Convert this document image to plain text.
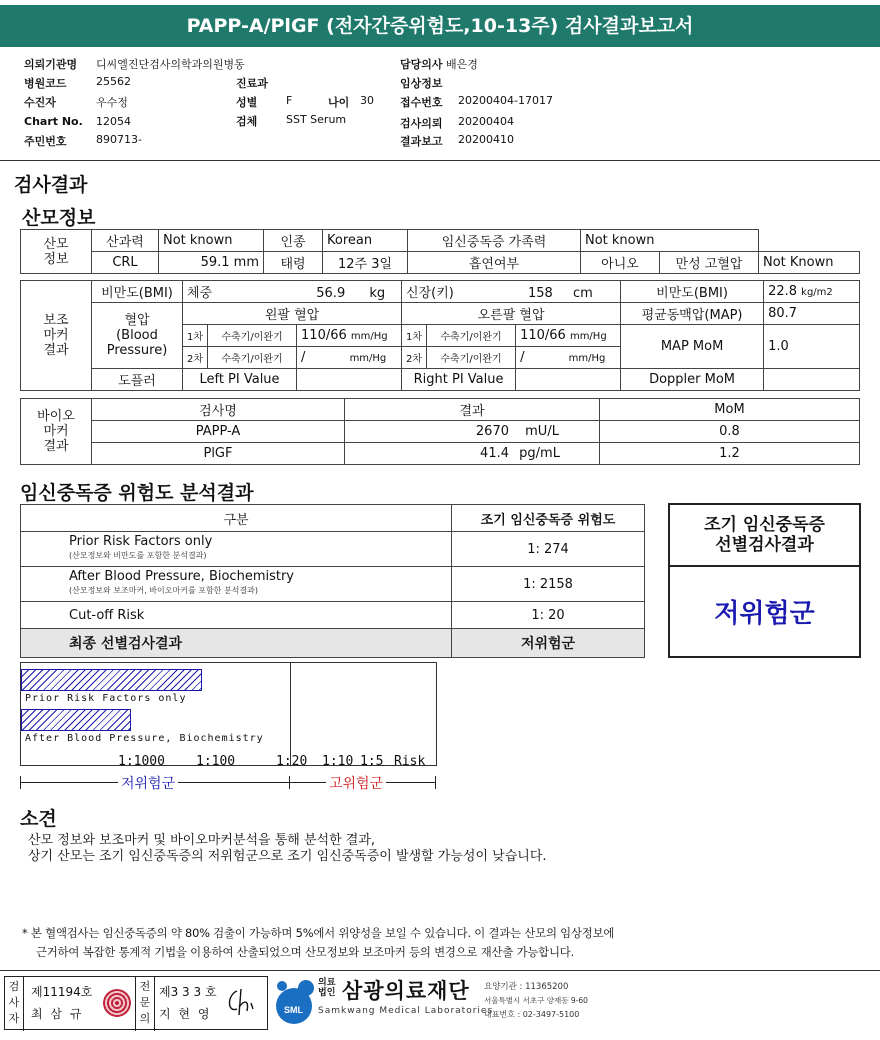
PAPP-A/PlGF (전자간증위험도,10-13주) 검사결과보고서
의뢰기관명 디씨엘진단검사의학과의원병동	담당의사 배은경
병원코드	25562	진료과	임상정보
수진자	우수정	성별	F	나이 30 접수번호 20200404-17017
Chart No. 12054	검체	SST Serum	검사의뢰 20200404
주민번호	890713-	결과보고 20200410
검사결과
산모정보
산모
정보	산과력	Not known	인종	Korean	임신중독증 가족력	Not known		
	CRL	59.1 mm	태령	12주 3일	흡연여부	아니오	만성 고혈압	Not Known
보조
마커
결과	비만도(BMI)	체중 56.9 kg			신장(키) 158 cm			비만도(BMI)	22.8 kg/m2
	혈압
(Blood
Pressure)	왼팔 혈압			오른팔 혈압			평균동맥압(MAP)	80.7
		1차	수축기/이완기	110/66 mm/Hg	1차	수축기/이완기	110/66 mm/Hg	MAP MoM	1.0
		2차	수축기/이완기	/ mm/Hg	2차	수축기/이완기	/ mm/Hg		
	도플러	Left PI Value			Right PI Value			Doppler MoM	
바이오
마커
결과	검사명	결과	MoM
	PAPP-A	2670 mU/L	0.8
	PlGF	41.4 pg/mL	1.2
임신중독증 위험도 분석결과
구분	조기 임신중독증 위험도

Prior Risk Factors only
(산모정보와 비만도를 포함한 분석결과)	1: 274

After Blood Pressure, Biochemistry
(산모정보와 보조마커, 바이오마커를 포함한 분석결과)	1: 2158
Cut-off Risk	1: 20
최종 선별검사결과	저위험군
조기 임신중독증
선별검사결과
저위험군
Prior Risk Factors only
After Blood Pressure, Biochemistry
1:1000 1:100	1:20 1:10 1:5 Risk
저위험군	고위험군
소견
산모 정보와 보조마커 및 바이오마커분석을 통해 분석한 결과,
상기 산모는 조기 임신중독증의 저위험군으로 조기 임신중독증이 발생할 가능성이 낮습니다.
* 본 혈액검사는 임신중독증의 약 80% 검출이 가능하며 5%에서 위양성을 보일 수 있습니다. 이 결과는 산모의 임상정보에
근거하여 복잡한 통계적 기법을 이용하여 산출되었으며 산모정보와 보조마커 등의 변경으로 재산출 가능합니다.
검사자
제11194호
최 삼 규
전문의
제3 3 3 호
지 현 영	SML
의료
법인 삼광의료재단
Samkwang Medical Laboratories
요양기관 : 11365200
서울특별시 서초구 양재동 9-60
대표번호 : 02-3497-5100
